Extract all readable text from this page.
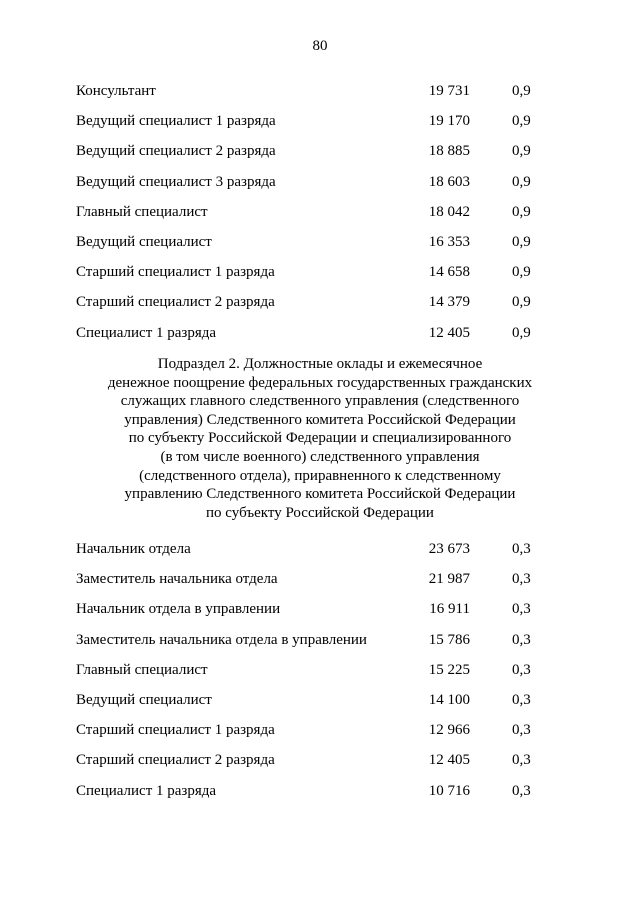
80
Консультант	19 731	0,9
Ведущий специалист 1 разряда	19 170	0,9
Ведущий специалист 2 разряда	18 885	0,9
Ведущий специалист 3 разряда	18 603	0,9
Главный специалист	18 042	0,9
Ведущий специалист	16 353	0,9
Старший специалист 1 разряда	14 658	0,9
Старший специалист 2 разряда	14 379	0,9
Специалист 1 разряда	12 405	0,9
Подраздел 2. Должностные оклады и ежемесячное
денежное поощрение федеральных государственных гражданских
служащих главного следственного управления (следственного
управления) Следственного комитета Российской Федерации
по субъекту Российской Федерации и специализированного
(в том числе военного) следственного управления
(следственного отдела), приравненного к следственному
управлению Следственного комитета Российской Федерации
по субъекту Российской Федерации
Начальник отдела	23 673	0,3
Заместитель начальника отдела	21 987	0,3
Начальник отдела в управлении	16 911	0,3
Заместитель начальника отдела в управлении	15 786	0,3
Главный специалист	15 225	0,3
Ведущий специалист	14 100	0,3
Старший специалист 1 разряда	12 966	0,3
Старший специалист 2 разряда	12 405	0,3
Специалист 1 разряда	10 716	0,3
